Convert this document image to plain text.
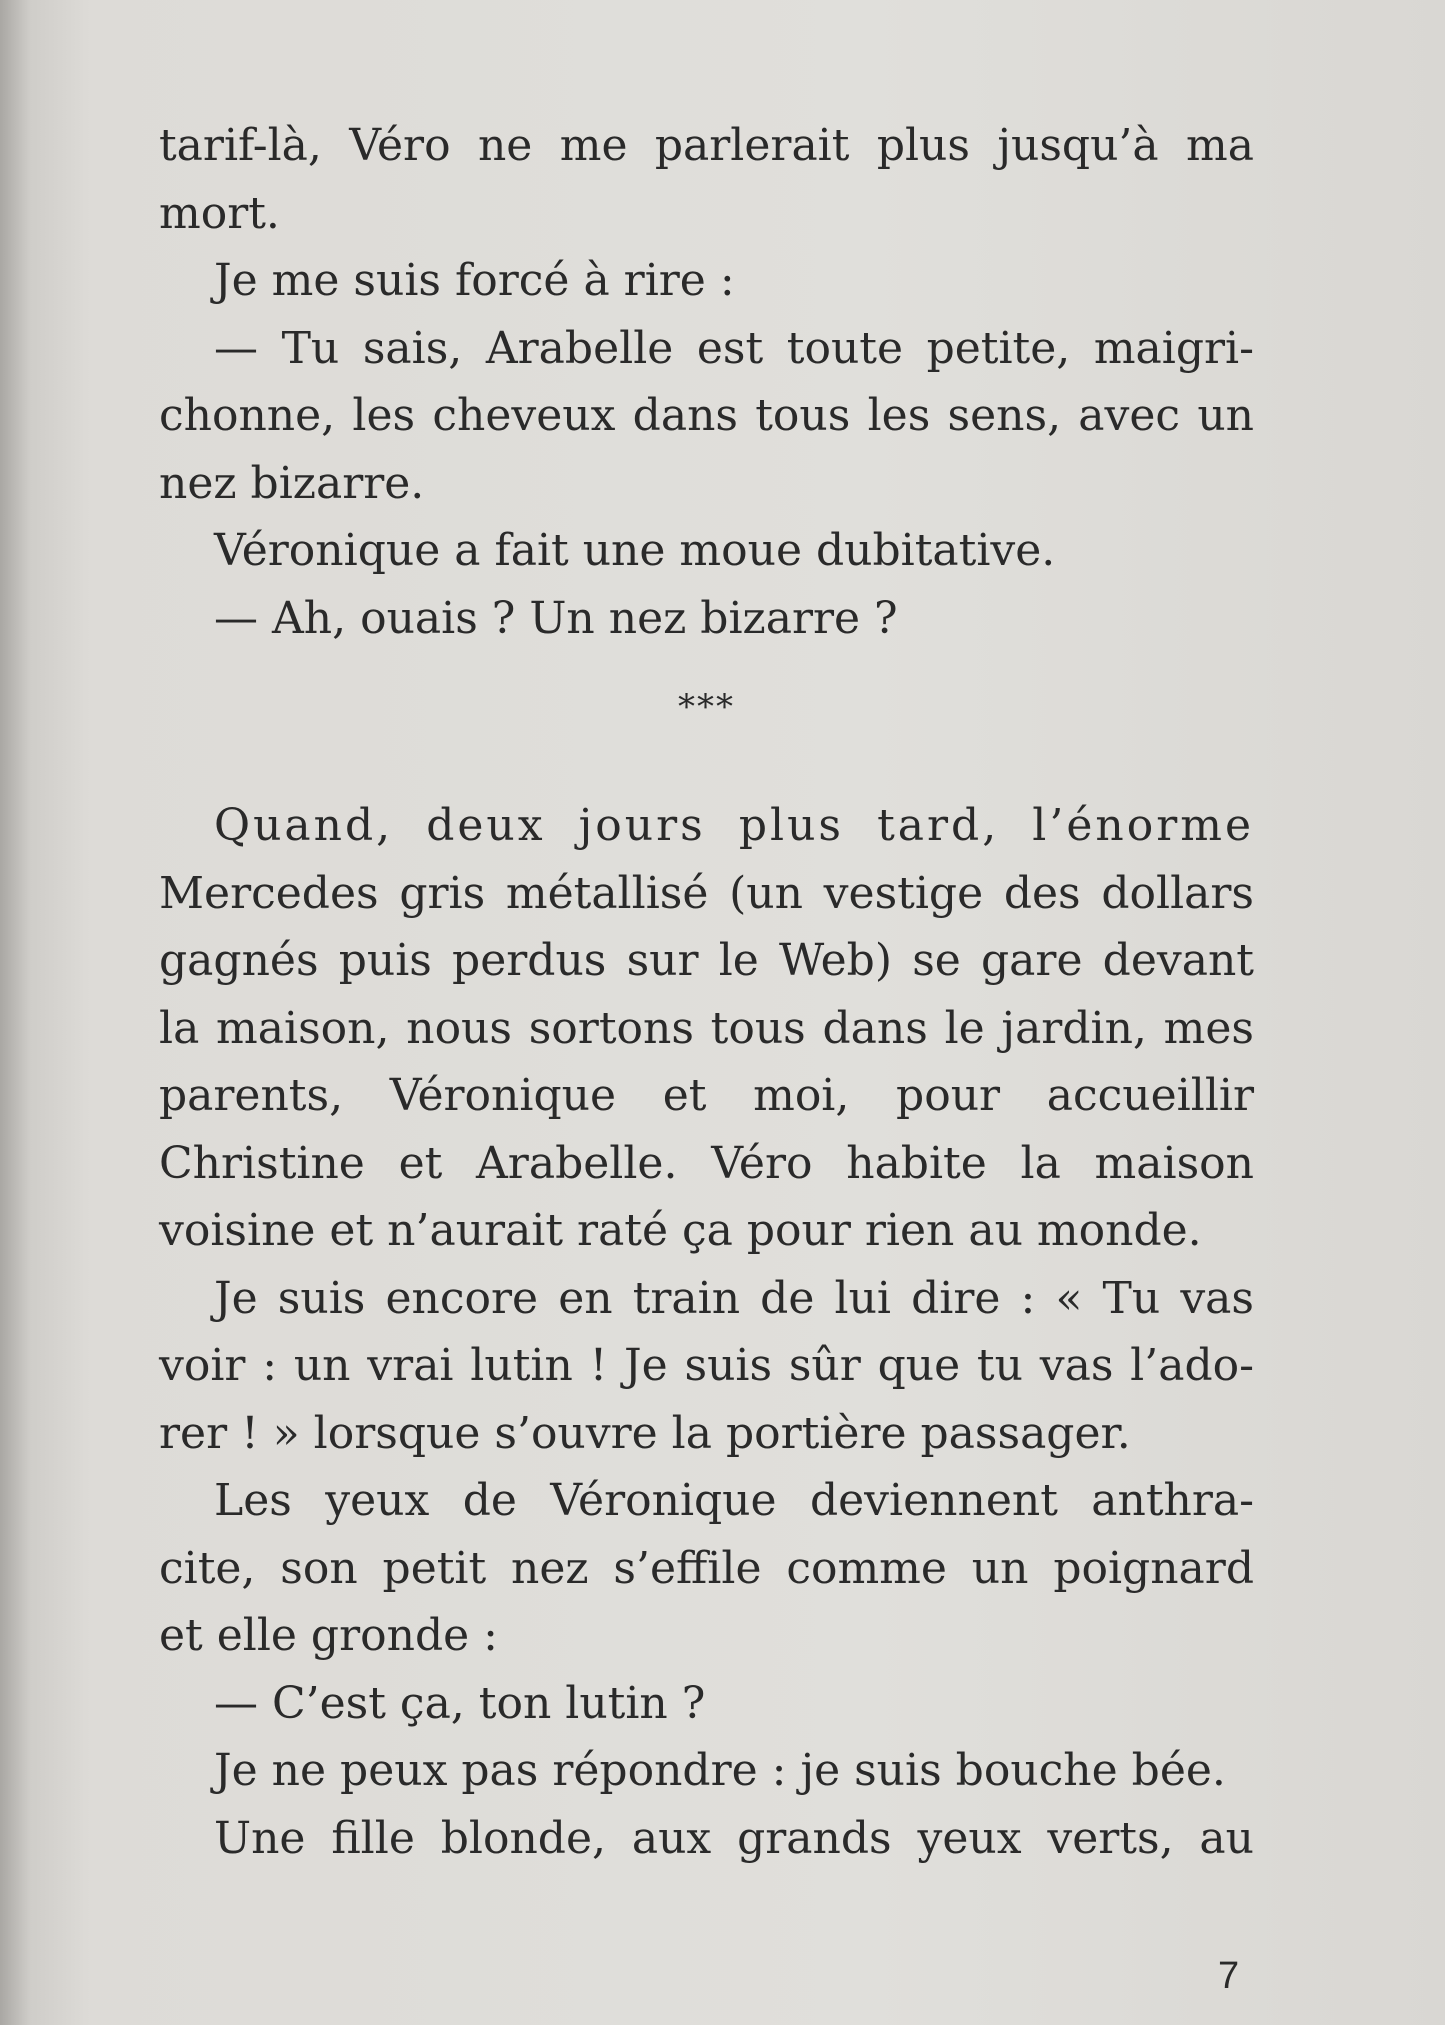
tarif-là, Véro ne me parlerait plus jusqu’à ma
mort.
Je me suis forcé à rire :
— Tu sais, Arabelle est toute petite, maigri-
chonne, les cheveux dans tous les sens, avec un
nez bizarre.
Véronique a fait une moue dubitative.
— Ah, ouais ? Un nez bizarre ?
***
Quand, deux jours plus tard, l’énorme
Mercedes gris métallisé (un vestige des dollars
gagnés puis perdus sur le Web) se gare devant
la maison, nous sortons tous dans le jardin, mes
parents, Véronique et moi, pour accueillir
Christine et Arabelle. Véro habite la maison
voisine et n’aurait raté ça pour rien au monde.
Je suis encore en train de lui dire : « Tu vas
voir : un vrai lutin ! Je suis sûr que tu vas l’ado-
rer ! » lorsque s’ouvre la portière passager.
Les yeux de Véronique deviennent anthra-
cite, son petit nez s’effile comme un poignard
et elle gronde :
— C’est ça, ton lutin ?
Je ne peux pas répondre : je suis bouche bée.
Une fille blonde, aux grands yeux verts, au
7
